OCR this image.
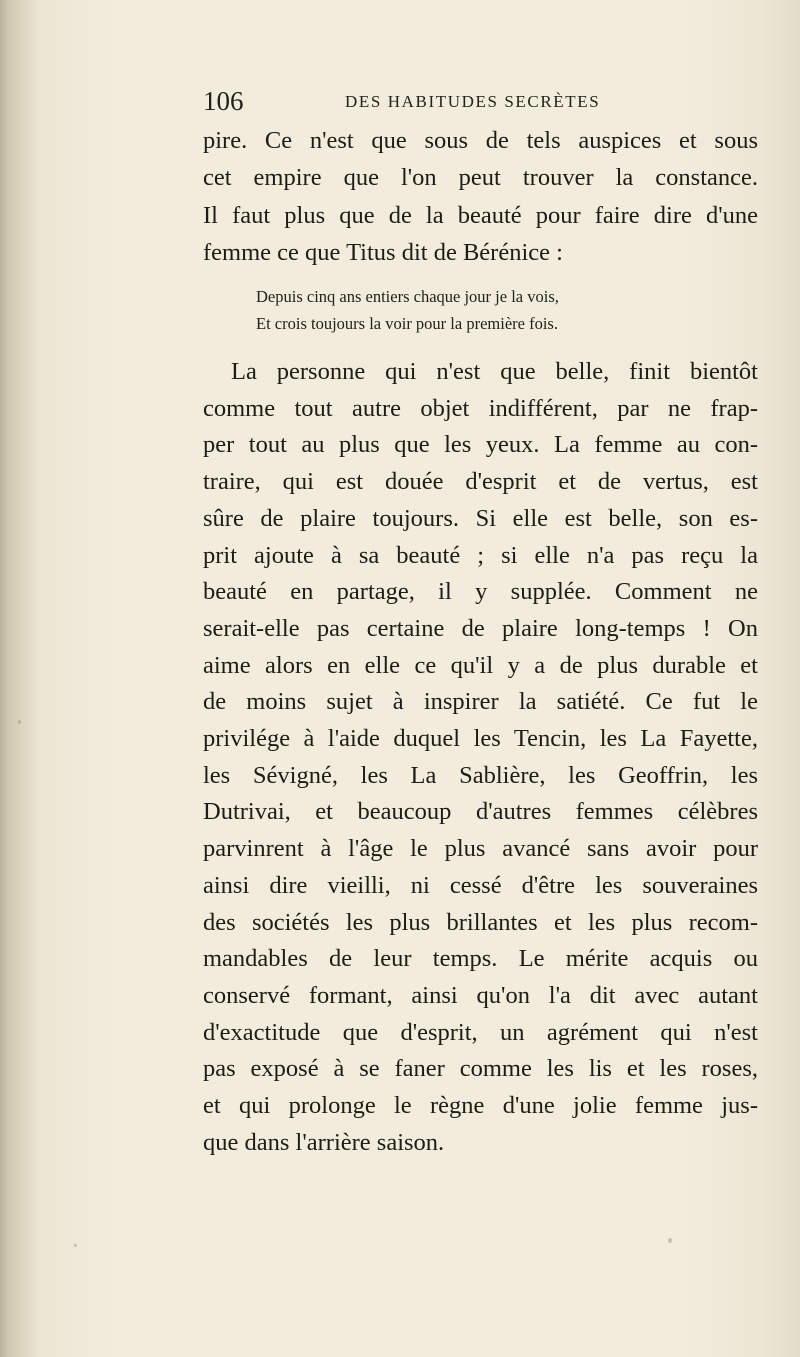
106	DES HABITUDES SECRÈTES
pire. Ce n'est que sous de tels auspices et sous
cet empire que l'on peut trouver la constance.
Il faut plus que de la beauté pour faire dire d'une
femme ce que Titus dit de Bérénice :
Depuis cinq ans entiers chaque jour je la vois,
Et crois toujours la voir pour la première fois.
La personne qui n'est que belle, finit bientôt
comme tout autre objet indifférent, par ne frap-
per tout au plus que les yeux. La femme au con-
traire, qui est douée d'esprit et de vertus, est
sûre de plaire toujours. Si elle est belle, son es-
prit ajoute à sa beauté ; si elle n'a pas reçu la
beauté en partage, il y supplée. Comment ne
serait-elle pas certaine de plaire long-temps ! On
aime alors en elle ce qu'il y a de plus durable et
de moins sujet à inspirer la satiété. Ce fut le
privilége à l'aide duquel les Tencin, les La Fayette,
les Sévigné, les La Sablière, les Geoffrin, les
Dutrivai, et beaucoup d'autres femmes célèbres
parvinrent à l'âge le plus avancé sans avoir pour
ainsi dire vieilli, ni cessé d'être les souveraines
des sociétés les plus brillantes et les plus recom-
mandables de leur temps. Le mérite acquis ou
conservé formant, ainsi qu'on l'a dit avec autant
d'exactitude que d'esprit, un agrément qui n'est
pas exposé à se faner comme les lis et les roses,
et qui prolonge le règne d'une jolie femme jus-
que dans l'arrière saison.
